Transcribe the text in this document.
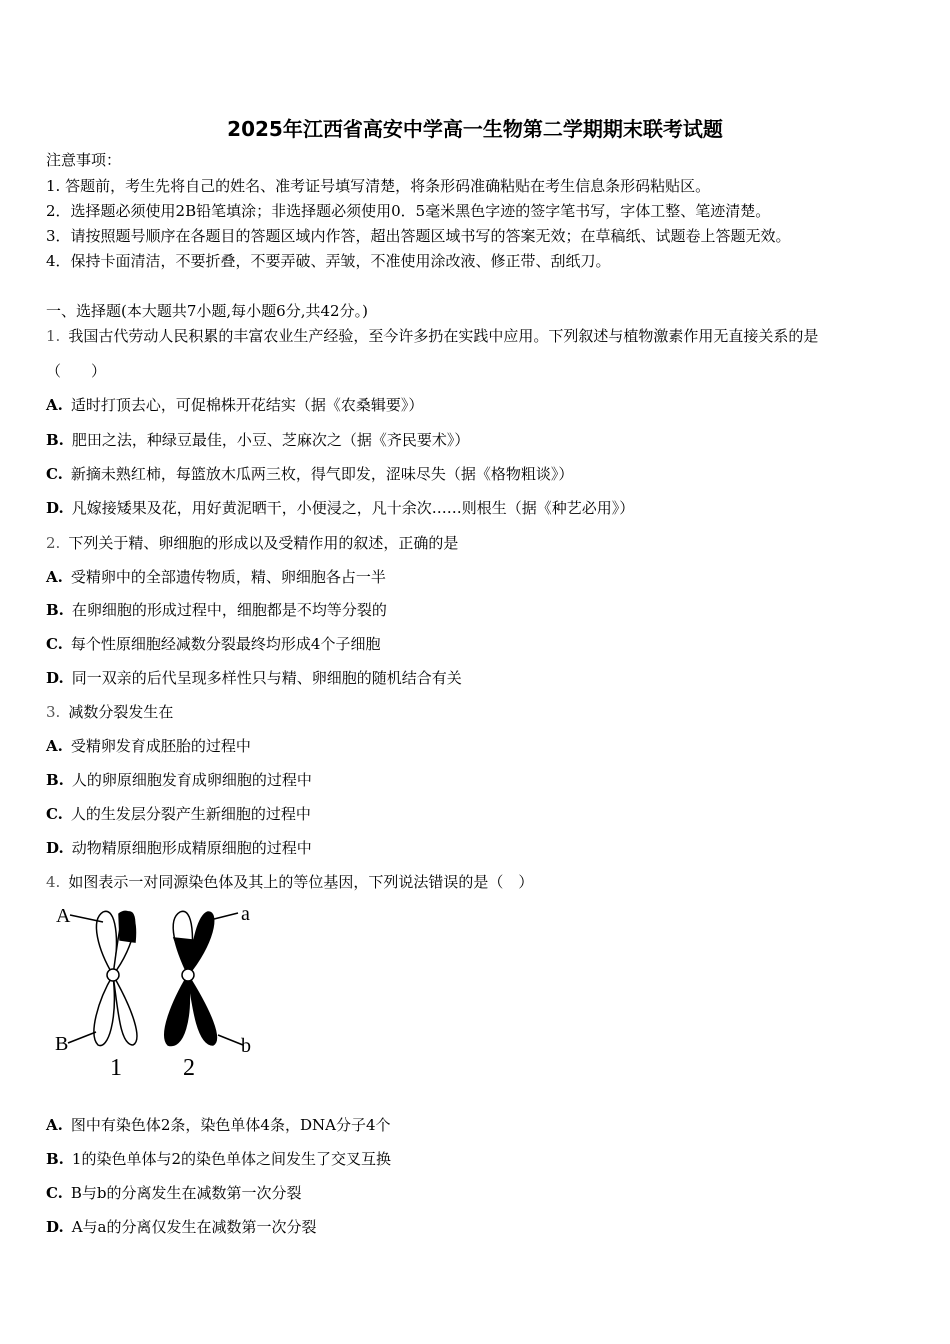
2025年江西省高安中学高一生物第二学期期末联考试题
注意事项：
1. 答题前，考生先将自己的姓名、准考证号填写清楚，将条形码准确粘贴在考生信息条形码粘贴区。
2．选择题必须使用2B铅笔填涂；非选择题必须使用0．5毫米黑色字迹的签字笔书写，字体工整、笔迹清楚。
3．请按照题号顺序在各题目的答题区域内作答，超出答题区域书写的答案无效；在草稿纸、试题卷上答题无效。
4．保持卡面清洁，不要折叠，不要弄破、弄皱，不准使用涂改液、修正带、刮纸刀。
一、选择题(本大题共7小题,每小题6分,共42分。)
1. 我国古代劳动人民积累的丰富农业生产经验，至今许多扔在实践中应用。下列叙述与植物激素作用无直接关系的是
（　　）
A. 适时打顶去心，可促棉株开花结实（据《农桑辑要》）
B. 肥田之法，种绿豆最佳，小豆、芝麻次之（据《齐民要术》）
C. 新摘未熟红柿，每篮放木瓜两三枚，得气即发，涩味尽失（据《格物粗谈》）
D. 凡嫁接矮果及花，用好黄泥晒干，小便浸之，凡十余次……则根生（据《种艺必用》）
2. 下列关于精、卵细胞的形成以及受精作用的叙述，正确的是
A. 受精卵中的全部遗传物质，精、卵细胞各占一半
B. 在卵细胞的形成过程中，细胞都是不均等分裂的
C. 每个性原细胞经减数分裂最终均形成4个子细胞
D. 同一双亲的后代呈现多样性只与精、卵细胞的随机结合有关
3. 减数分裂发生在
A. 受精卵发育成胚胎的过程中
B. 人的卵原细胞发育成卵细胞的过程中
C. 人的生发层分裂产生新细胞的过程中
D. 动物精原细胞形成精原细胞的过程中
4. 如图表示一对同源染色体及其上的等位基因，下列说法错误的是（　）
A
B
a
b
1	2
A. 图中有染色体2条，染色单体4条，DNA分子4个
B. 1的染色单体与2的染色单体之间发生了交叉互换
C. B与b的分离发生在减数第一次分裂
D. A与a的分离仅发生在减数第一次分裂
